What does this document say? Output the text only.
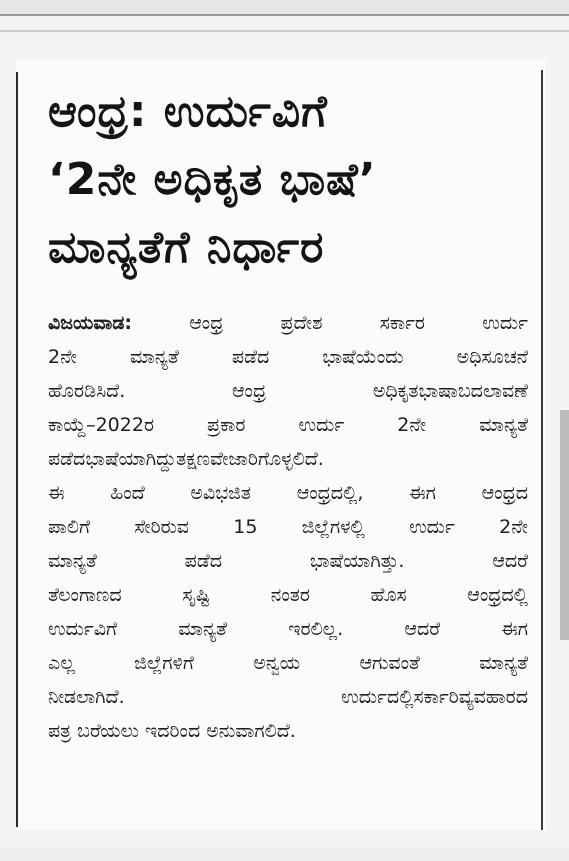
ಆಂಧ್ರ: ಉರ್ದುವಿಗೆ
‘2ನೇ ಅಧಿಕೃತ ಭಾಷೆ’
ಮಾನ್ಯತೆಗೆ ನಿರ್ಧಾರ
ವಿಜಯವಾಡ: ಆಂಧ್ರ ಪ್ರದೇಶ ಸರ್ಕಾರ ಉರ್ದು
2ನೇ ಮಾನ್ಯತೆ ಪಡೆದ ಭಾಷೆಯೆಂದು ಅಧಿಸೂಚನೆ
ಹೊರಡಿಸಿದೆ. ಆಂಧ್ರ ಅಧಿಕೃತಭಾಷಾಬದಲಾವಣೆ
ಕಾಯ್ದೆ–2022ರ ಪ್ರಕಾರ ಉರ್ದು 2ನೇ ಮಾನ್ಯತೆ
ಪಡೆದಭಾಷೆಯಾಗಿದ್ದುತಕ್ಷಣವೇಜಾರಿಗೊಳ್ಳಲಿದೆ.
ಈ ಹಿಂದೆ ಅವಿಭಜಿತ ಆಂಧ್ರದಲ್ಲಿ, ಈಗ ಆಂಧ್ರದ
ಪಾಲಿಗೆ ಸೇರಿರುವ 15 ಜಿಲ್ಲೆಗಳಲ್ಲಿ ಉರ್ದು 2ನೇ
ಮಾನ್ಯತೆ ಪಡೆದ ಭಾಷೆಯಾಗಿತ್ತು. ಆದರೆ
ತೆಲಂಗಾಣದ ಸೃಷ್ಟಿ ನಂತರ ಹೊಸ ಆಂಧ್ರದಲ್ಲಿ
ಉರ್ದುವಿಗೆ ಮಾನ್ಯತೆ ಇರಲಿಲ್ಲ. ಆದರೆ ಈಗ
ಎಲ್ಲ ಜಿಲ್ಲೆಗಳಿಗೆ ಅನ್ವಯ ಆಗುವಂತೆ ಮಾನ್ಯತೆ
ನೀಡಲಾಗಿದೆ. ಉರ್ದುದಲ್ಲಿಸರ್ಕಾರಿವ್ಯವಹಾರದ
ಪತ್ರ ಬರೆಯಲು ಇದರಿಂದ ಅನುವಾಗಲಿದೆ.
